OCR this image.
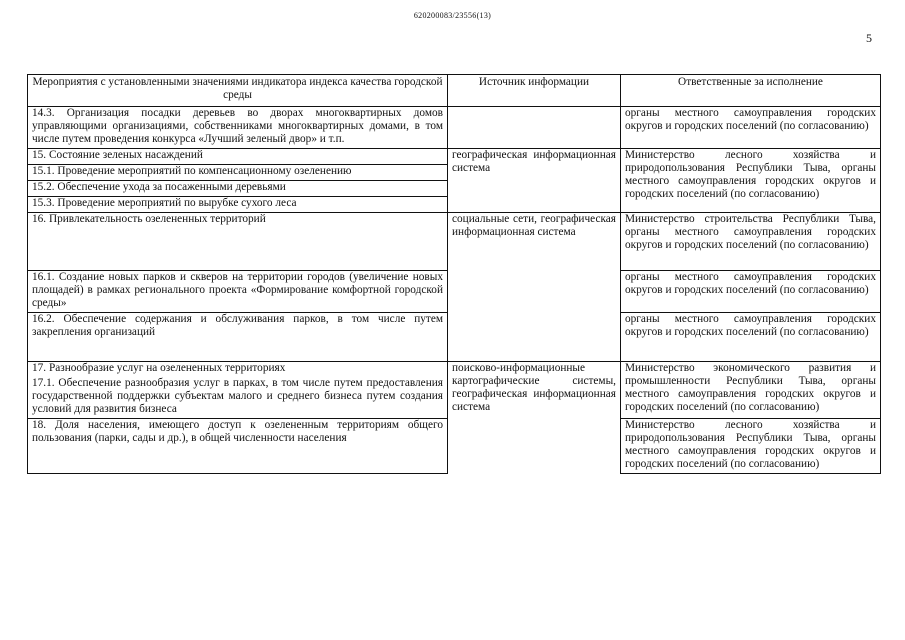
620200083/23556(13)
5
Мероприятия с установленными значениями индикатора индекса качества городской среды	Источник информации	Ответственные за исполнение
14.3. Организация посадки деревьев во дворах многоквартирных домов управляющими организациями, собственниками многоквартирных домами, в том числе путем проведения конкурса «Лучший зеленый двор» и т.п.		органы местного самоуправления городских округов и городских поселений (по согласованию)
15. Состояние зеленых насаждений	географическая информационная система	Министерство лесного хозяйства и природопользования Республики Тыва, органы местного самоуправления городских округов и городских поселений (по согласованию)
15.1. Проведение мероприятий по компенсационному озеленению		
15.2. Обеспечение ухода за посаженными деревьями		
15.3. Проведение мероприятий по вырубке сухого леса		
16. Привлекательность озелененных территорий	социальные сети, географическая информационная система	Министерство строительства Республики Тыва, органы местного самоуправления городских округов и городских поселений (по согласованию)
16.1. Создание новых парков и скверов на территории городов (увеличение новых площадей) в рамках регионального проекта «Формирование комфортной городской среды»		органы местного самоуправления городских округов и городских поселений (по согласованию)
16.2. Обеспечение содержания и обслуживания парков, в том числе путем закрепления организаций		органы местного самоуправления городских округов и городских поселений (по согласованию)
17. Разнообразие услуг на озелененных территориях	поисково-информационные картографические системы, географическая информационная система	Министерство экономического развития и промышленности Республики Тыва, органы местного самоуправления городских округов и городских поселений (по согласованию)
17.1. Обеспечение разнообразия услуг в парках, в том числе путем предоставления государственной поддержки субъектам малого и среднего бизнеса путем создания условий для развития бизнеса		
18. Доля населения, имеющего доступ к озелененным территориям общего пользования (парки, сады и др.), в общей численности населения		Министерство лесного хозяйства и природопользования Республики Тыва, органы местного самоуправления городских округов и городских поселений (по согласованию)
